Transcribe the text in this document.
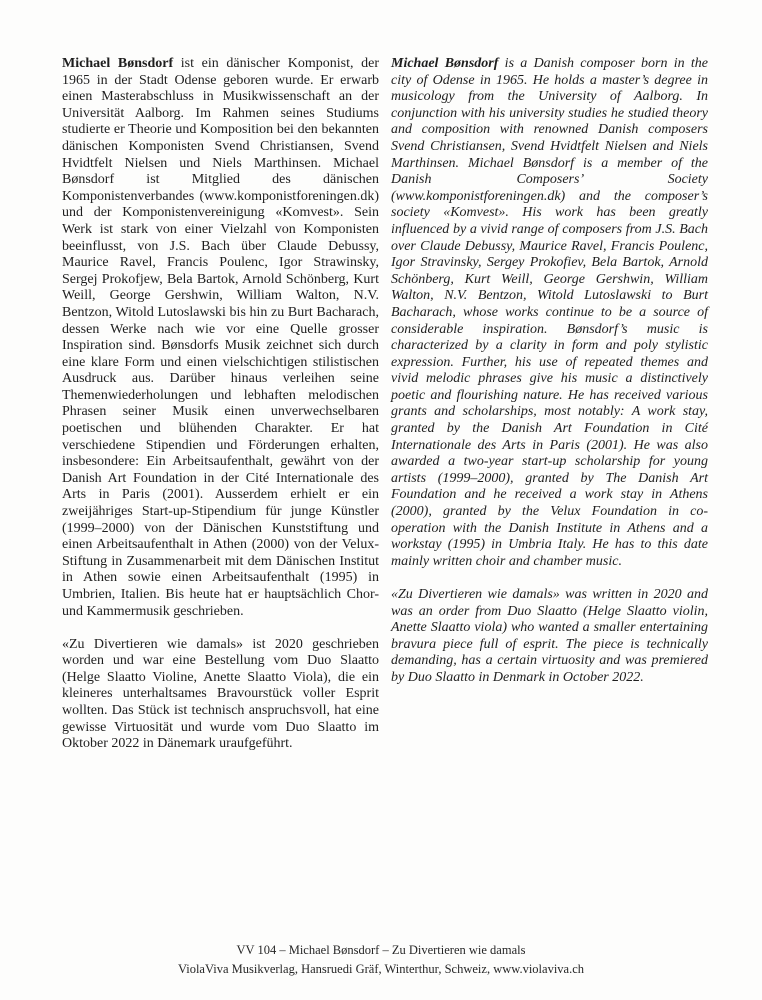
Michael Bønsdorf ist ein dänischer Komponist, der 1965 in der Stadt Odense geboren wurde. Er erwarb einen Masterabschluss in Musikwissenschaft an der Universität Aalborg. Im Rahmen seines Studiums studierte er Theorie und Komposition bei den bekannten dänischen Komponisten Svend Christiansen, Svend Hvidtfelt Nielsen und Niels Marthinsen. Michael Bønsdorf ist Mitglied des dänischen Komponistenverbandes (www.komponistforeningen.dk) und der Komponistenvereinigung «Komvest». Sein Werk ist stark von einer Vielzahl von Komponisten beeinflusst, von J.S. Bach über Claude Debussy, Maurice Ravel, Francis Poulenc, Igor Strawinsky, Sergej Prokofjew, Bela Bartok, Arnold Schönberg, Kurt Weill, George Gershwin, William Walton, N.V. Bentzon, Witold Lutoslawski bis hin zu Burt Bacharach, dessen Werke nach wie vor eine Quelle grosser Inspiration sind. Bønsdorfs Musik zeichnet sich durch eine klare Form und einen vielschichtigen stilistischen Ausdruck aus. Darüber hinaus verleihen seine Themenwiederholungen und lebhaften melodischen Phrasen seiner Musik einen unverwechselbaren poetischen und blühenden Charakter. Er hat verschiedene Stipendien und Förderungen erhalten, insbesondere: Ein Arbeitsaufenthalt, gewährt von der Danish Art Foundation in der Cité Internationale des Arts in Paris (2001). Ausserdem erhielt er ein zweijähriges Start-up-Stipendium für junge Künstler (1999–2000) von der Dänischen Kunststiftung und einen Arbeitsaufenthalt in Athen (2000) von der Velux-Stiftung in Zusammenarbeit mit dem Dänischen Institut in Athen sowie einen Arbeitsaufenthalt (1995) in Umbrien, Italien. Bis heute hat er hauptsächlich Chor- und Kammermusik geschrieben.

«Zu Divertieren wie damals» ist 2020 geschrieben worden und war eine Bestellung vom Duo Slaatto (Helge Slaatto Violine, Anette Slaatto Viola), die ein kleineres unterhaltsames Bravourstück voller Esprit wollten. Das Stück ist technisch anspruchsvoll, hat eine gewisse Virtuosität und wurde vom Duo Slaatto im Oktober 2022 in Dänemark uraufgeführt.

Michael Bønsdorf is a Danish composer born in the city of Odense in 1965. He holds a master’s degree in musicology from the University of Aalborg. In conjunction with his university studies he studied theory and composition with renowned Danish composers Svend Christiansen, Svend Hvidtfelt Nielsen and Niels Marthinsen. Michael Bønsdorf is a member of the Danish Composers’ Society (www.komponistforeningen.dk) and the composer’s society «Komvest». His work has been greatly influenced by a vivid range of composers from J.S. Bach over Claude Debussy, Maurice Ravel, Francis Poulenc, Igor Stravinsky, Sergey Prokofiev, Bela Bartok, Arnold Schönberg, Kurt Weill, George Gershwin, William Walton, N.V. Bentzon, Witold Lutoslawski to Burt Bacharach, whose works continue to be a source of considerable inspiration. Bønsdorf’s music is characterized by a clarity in form and poly stylistic expression. Further, his use of repeated themes and vivid melodic phrases give his music a distinctively poetic and flourishing nature. He has received various grants and scholarships, most notably: A work stay, granted by the Danish Art Foundation in Cité Internationale des Arts in Paris (2001). He was also awarded a two-year start-up scholarship for young artists (1999–2000), granted by The Danish Art Foundation and he received a work stay in Athens (2000), granted by the Velux Foundation in co-operation with the Danish Institute in Athens and a workstay (1995) in Umbria Italy. He has to this date mainly written choir and chamber music.

«Zu Divertieren wie damals» was written in 2020 and was an order from Duo Slaatto (Helge Slaatto violin, Anette Slaatto viola) who wanted a smaller entertaining bravura piece full of esprit. The piece is technically demanding, has a certain virtuosity and was premiered by Duo Slaatto in Denmark in October 2022.

VV 104 – Michael Bønsdorf – Zu Divertieren wie damals
ViolaViva Musikverlag, Hansruedi Gräf, Winterthur, Schweiz, www.violaviva.ch
